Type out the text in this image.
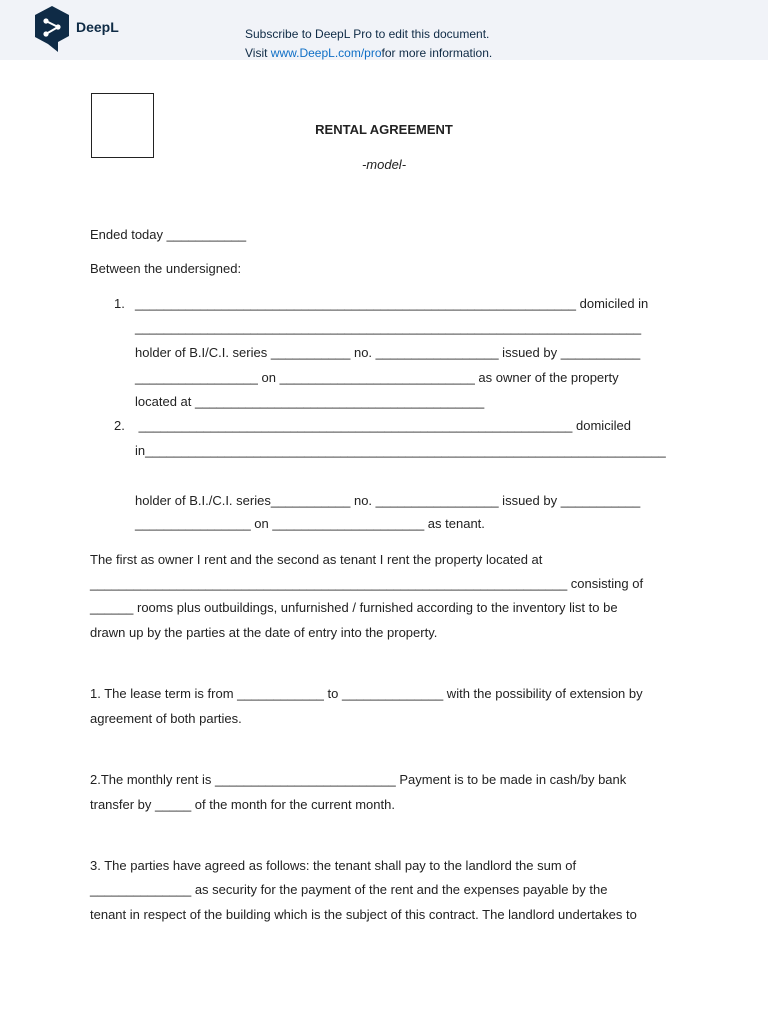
DeepL	Subscribe to DeepL Pro to edit this document.
Visit www.DeepL.com/profor more information.
RENTAL AGREEMENT
-model-
Ended today ___________
Between the undersigned:
1. _____________________________________________________________ domiciled in
______________________________________________________________________
holder of B.I/C.I. series ___________ no. _________________ issued by ___________
_________________ on ___________________________ as owner of the property
located at ________________________________________
2. ____________________________________________________________ domiciled
in________________________________________________________________________
holder of B.I./C.I. series___________ no. _________________ issued by ___________
________________ on _____________________ as tenant.
The first as owner I rent and the second as tenant I rent the property located at
__________________________________________________________________ consisting of
______ rooms plus outbuildings, unfurnished / furnished according to the inventory list to be
drawn up by the parties at the date of entry into the property.
1. The lease term is from ____________ to ______________ with the possibility of extension by
agreement of both parties.
2.The monthly rent is _________________________ Payment is to be made in cash/by bank
transfer by _____ of the month for the current month.
3. The parties have agreed as follows: the tenant shall pay to the landlord the sum of
______________ as security for the payment of the rent and the expenses payable by the
tenant in respect of the building which is the subject of this contract. The landlord undertakes to
